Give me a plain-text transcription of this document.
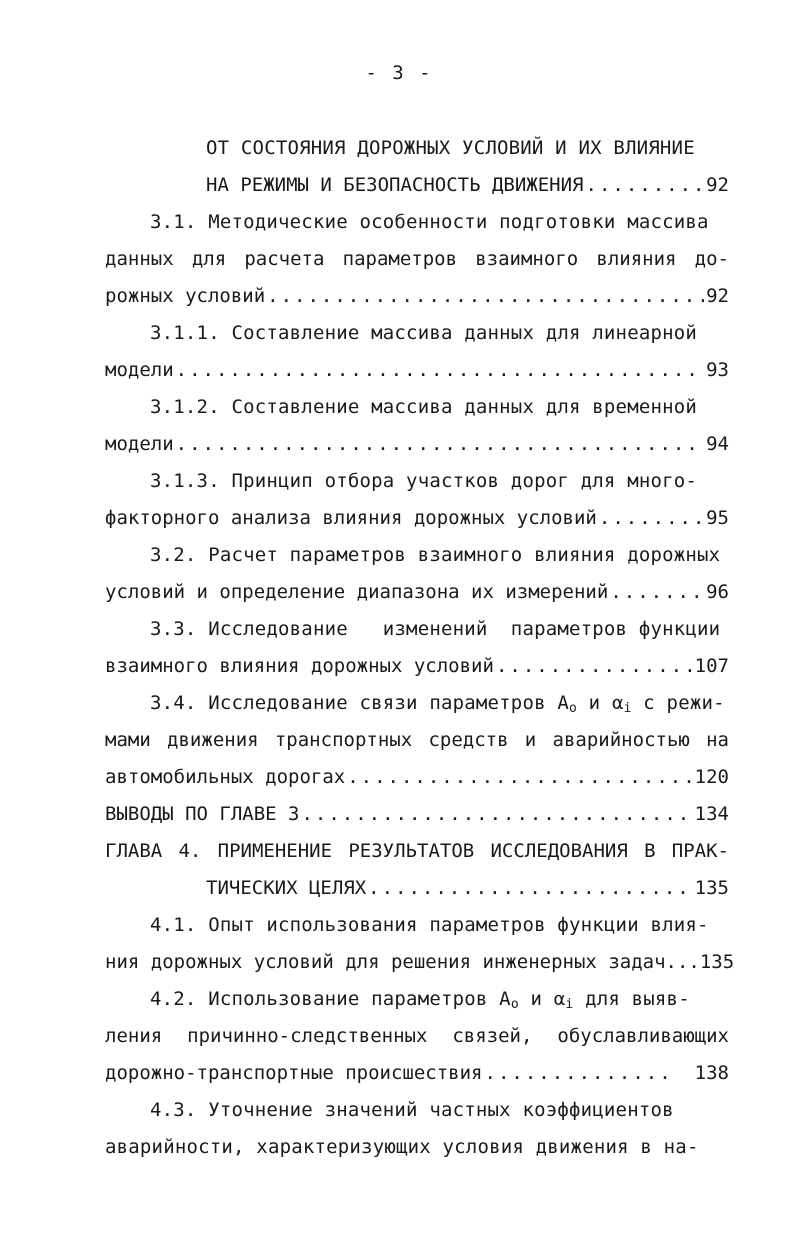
- 3 -
ОТ СОСТОЯНИЯ ДОРОЖНЫХ УСЛОВИЙ И ИХ ВЛИЯНИЕ
НА РЕЖИМЫ И БЕЗОПАСНОСТЬ ДВИЖЕНИЯ .....	92
3.1. Методические особенности подготовки массива
данных для расчета параметров взаимного влияния до-
рожных условий .....	92
3.1.1. Составление массива данных для линеарной
модели .....	93
3.1.2. Составление массива данных для временной
модели .....	94
3.1.3. Принцип отбора участков дорог для много-
факторного анализа влияния дорожных условий .....	95
3.2. Расчет параметров взаимного влияния дорожных
условий и определение диапазона их измерений .....	96
3.3. Исследование   изменений  параметров функции
взаимного влияния дорожных условий .....	107
3.4. Исследование связи параметров $A_o$ и $\alpha_i$ с режи-
мами движения транспортных средств и аварийностью на
автомобильных дорогах .....	120
ВЫВОДЫ ПО ГЛАВЕ 3 .....	134
ГЛАВА 4. ПРИМЕНЕНИЕ РЕЗУЛЬТАТОВ ИССЛЕДОВАНИЯ В ПРАК-
ТИЧЕСКИХ ЦЕЛЯХ .....	135
4.1. Опыт использования параметров функции влия-
ния дорожных условий для решения инженерных задач... 135
4.2. Использование параметров $A_o$ и $\alpha_i$ для выяв-
ления причинно-следственных связей, обуславливающих
дорожно-транспортные происшествия .....	138
4.3. Уточнение значений частных коэффициентов
аварийности, характеризующих условия движения в на-
